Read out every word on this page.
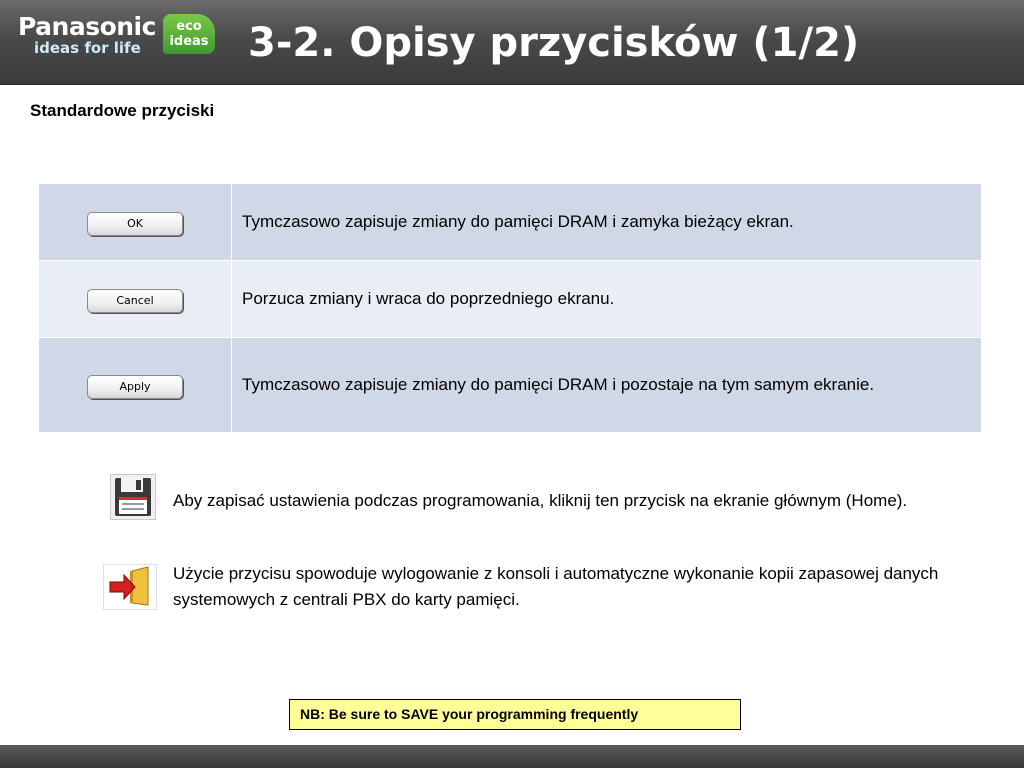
Panasonic
ideas for life
eco
ideas 3-2. Opisy przycisków (1/2)
Standardowe przyciski
OK	Tymczasowo zapisuje zmiany do pamięci DRAM i zamyka bieżący ekran.
Cancel	Porzuca zmiany i wraca do poprzedniego ekranu.
Apply	Tymczasowo zapisuje zmiany do pamięci DRAM i pozostaje na tym samym ekranie.
Aby zapisać ustawienia podczas programowania, kliknij ten przycisk na ekranie głównym (Home).
Użycie przycisu spowoduje wylogowanie z konsoli i automatyczne wykonanie kopii zapasowej danych systemowych z centrali PBX do karty pamięci.
NB: Be sure to SAVE your programming frequently
